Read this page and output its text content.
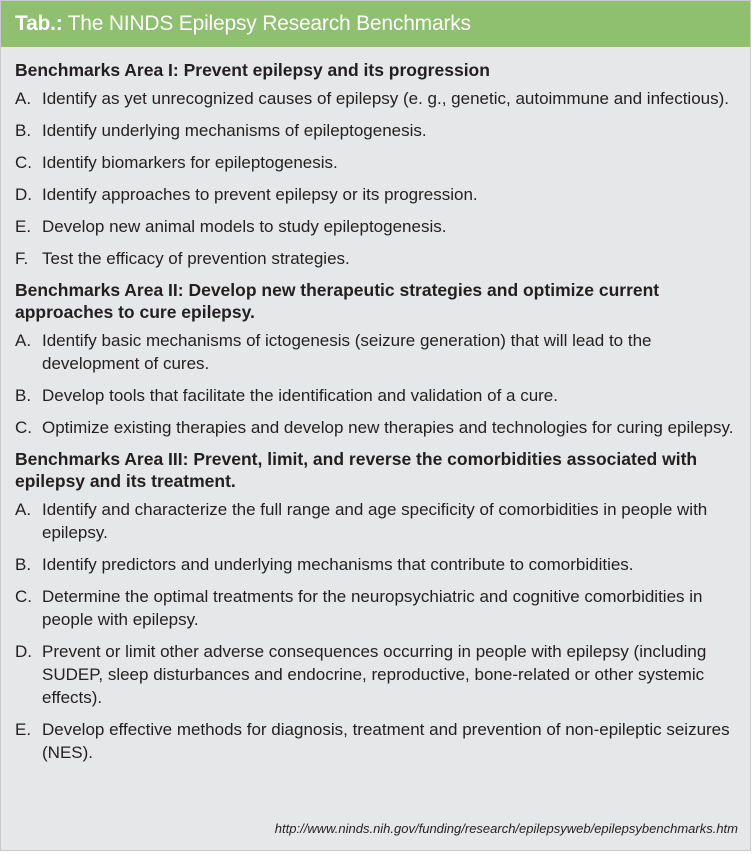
Tab.: The NINDS Epilepsy Research Benchmarks
Benchmarks Area I: Prevent epilepsy and its progression
A. Identify as yet unrecognized causes of epilepsy (e. g., genetic, autoimmune and infectious).
B. Identify underlying mechanisms of epileptogenesis.
C. Identify biomarkers for epileptogenesis.
D. Identify approaches to prevent epilepsy or its progression.
E. Develop new animal models to study epileptogenesis.
F. Test the efficacy of prevention strategies.
Benchmarks Area II: Develop new therapeutic strategies and optimize current approaches to cure epilepsy.
A. Identify basic mechanisms of ictogenesis (seizure generation) that will lead to the development of cures.
B. Develop tools that facilitate the identification and validation of a cure.
C. Optimize existing therapies and develop new therapies and technologies for curing epilepsy.
Benchmarks Area III: Prevent, limit, and reverse the comorbidities associated with epilepsy and its treatment.
A. Identify and characterize the full range and age specificity of comorbidities in people with epilepsy.
B. Identify predictors and underlying mechanisms that contribute to comorbidities.
C. Determine the optimal treatments for the neuropsychiatric and cognitive comorbidities in people with epilepsy.
D. Prevent or limit other adverse consequences occurring in people with epilepsy (including SUDEP, sleep disturbances and endocrine, reproductive, bone-related or other systemic effects).
E. Develop effective methods for diagnosis, treatment and prevention of non-epileptic seizures (NES).
http://www.ninds.nih.gov/funding/research/epilepsyweb/epilepsybenchmarks.htm
